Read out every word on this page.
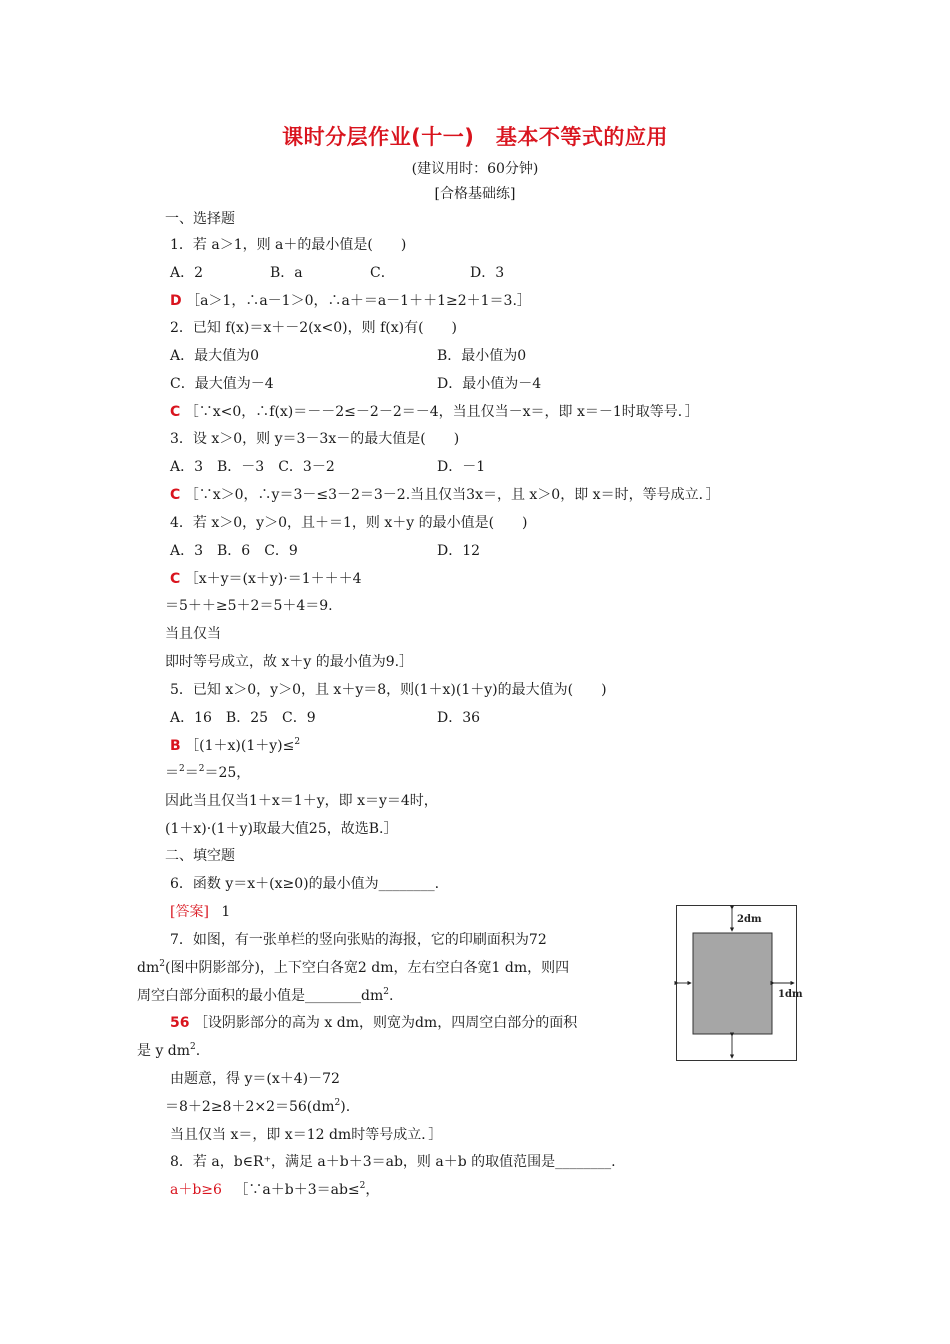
课时分层作业(十一)　基本不等式的应用
(建议用时：60分钟)
[合格基础练]
一、选择题
1．若 a＞1，则 a＋的最小值是(　　)
A．2	B．a	C．	D．3
D ［a＞1，∴a－1＞0，∴a＋＝a－1＋＋1≥2＋1＝3.］
2．已知 f(x)＝x＋－2(x<0)，则 f(x)有(　　)
A．最大值为0	B．最小值为0
C．最大值为－4	D．最小值为－4
C ［∵x<0，∴f(x)＝－－2≤－2－2＝－4，当且仅当－x＝，即 x＝－1时取等号．］
3．设 x＞0，则 y＝3－3x－的最大值是(　　)
A．3　B．－3　C．3－2	D．－1
C ［∵x＞0，∴y＝3－≤3－2＝3－2.当且仅当3x＝，且 x＞0，即 x＝时，等号成立．］
4．若 x＞0，y＞0，且＋＝1，则 x＋y 的最小值是(　　)
A．3　B．6　C．9	D．12
C ［x＋y＝(x＋y)·＝1＋＋＋4
＝5＋＋≥5＋2＝5＋4＝9.
当且仅当
即时等号成立，故 x＋y 的最小值为9.］
5．已知 x＞0，y＞0，且 x＋y＝8，则(1＋x)(1＋y)的最大值为(　　)
A．16　B．25　C．9	D．36
B ［(1＋x)(1＋y)≤$^2$
＝$^2$＝$^2$＝25，
因此当且仅当1＋x＝1＋y，即 x＝y＝4时，
(1＋x)·(1＋y)取最大值25，故选B.］
二、填空题
6．函数 y＝x＋(x≥0)的最小值为________.
[答案] 1
7．如图，有一张单栏的竖向张贴的海报，它的印刷面积为72
$dm^2$(图中阴影部分)，上下空白各宽2 dm，左右空白各宽1 dm，则四
周空白部分面积的最小值是$\_\_\_\_\_\_\_\_dm^2$.
56 ［设阴影部分的高为 x dm，则宽为dm，四周空白部分的面积
是 y $dm^2$.
由题意，得 y＝(x＋4)－72
$=8+2\ge 8+2\times 2=56(dm^2)$.
当且仅当 x＝，即 x＝12 dm时等号成立．］
2dm
1dm
8．若 a，b∈R⁺，满足 a＋b＋3＝ab，则 a＋b 的取值范围是________.
a＋b≥6 ［∵a＋b＋3＝ab≤$^2$，
